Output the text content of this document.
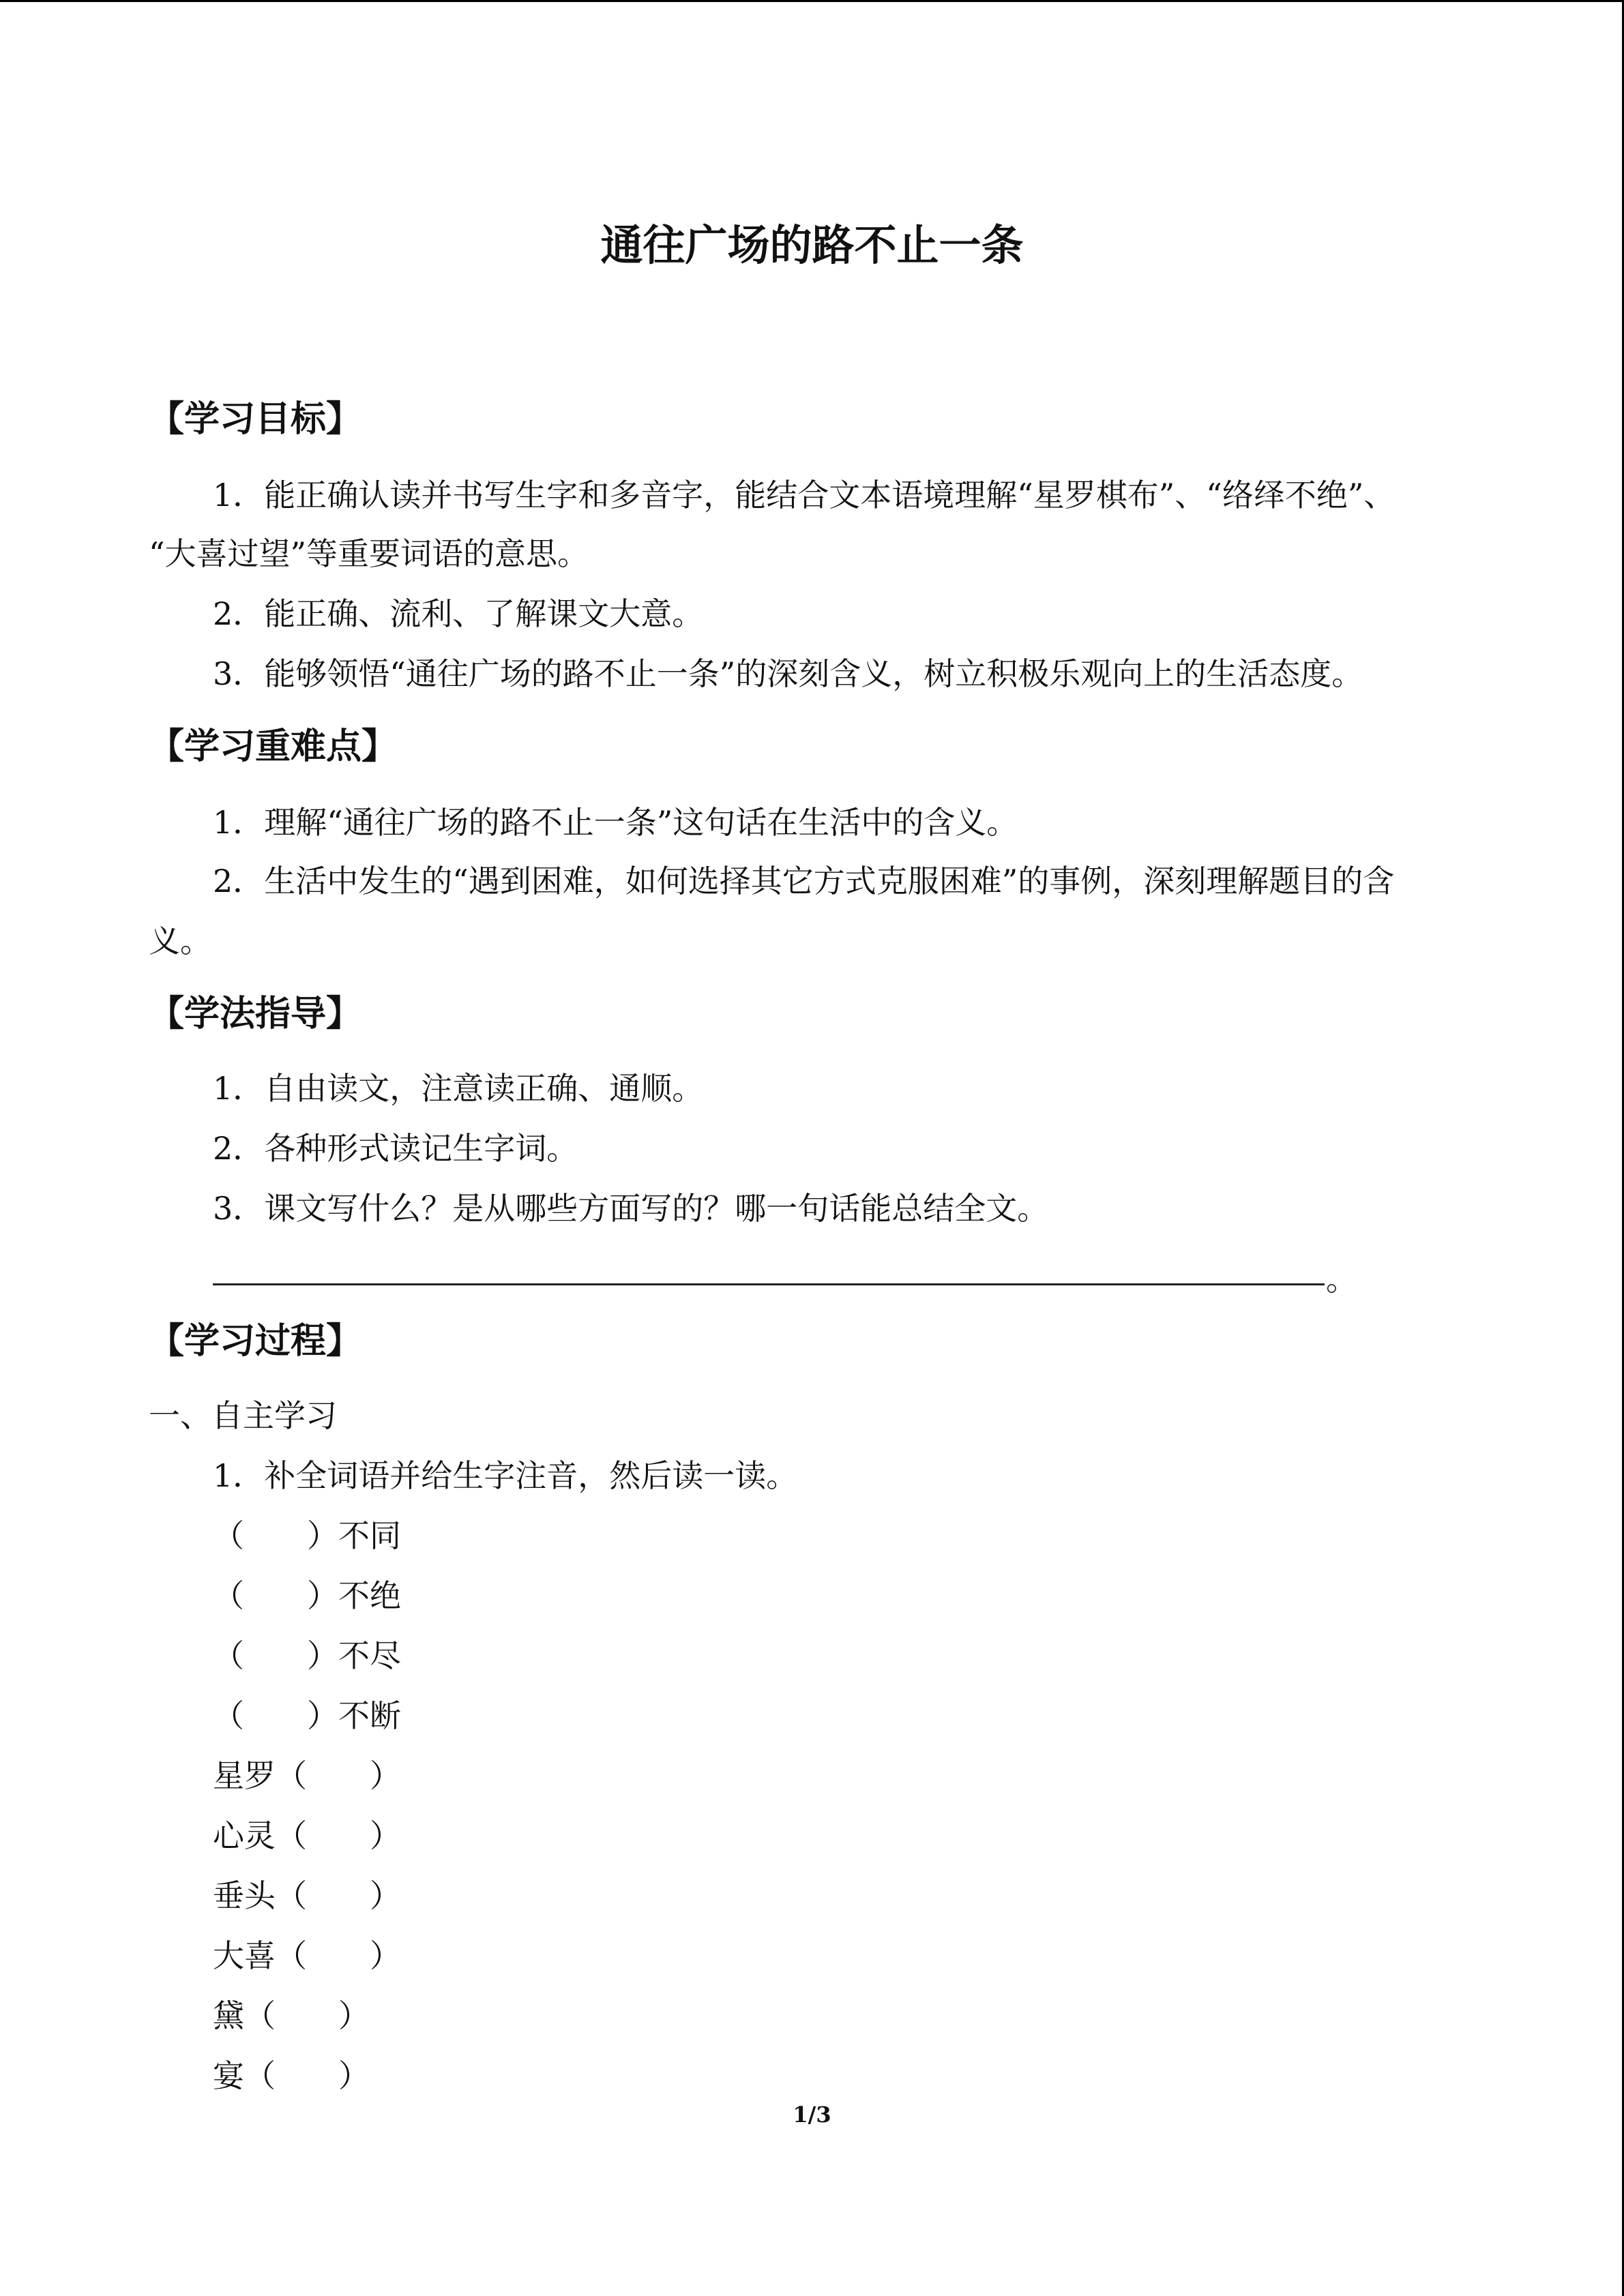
通往广场的路不止一条
【学习目标】
1．能正确认读并书写生字和多音字，能结合文本语境理解“星罗棋布”、“络绎不绝”、
“大喜过望”等重要词语的意思。
2．能正确、流利、了解课文大意。
3．能够领悟“通往广场的路不止一条”的深刻含义，树立积极乐观向上的生活态度。
【学习重难点】
1．理解“通往广场的路不止一条”这句话在生活中的含义。
2．生活中发生的“遇到困难，如何选择其它方式克服困难”的事例，深刻理解题目的含
义。
【学法指导】
1．自由读文，注意读正确、通顺。
2．各种形式读记生字词。
3．课文写什么？是从哪些方面写的？哪一句话能总结全文。
。
【学习过程】
一、自主学习
1．补全词语并给生字注音，然后读一读。
（　　）不同
（　　）不绝
（　　）不尽
（　　）不断
星罗（　　）
心灵（　　）
垂头（　　）
大喜（　　）
黛（　　）
宴（　　）
1/3
